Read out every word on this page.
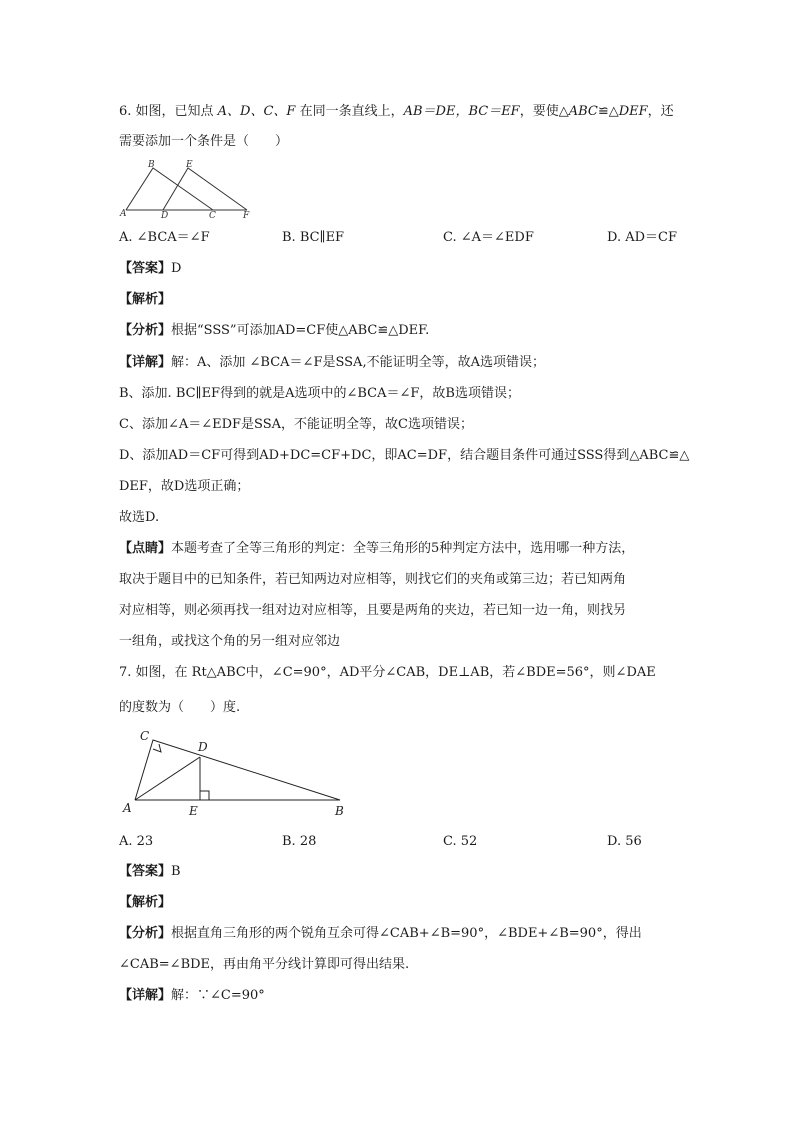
6. 如图，已知点 A、D、C、F 在同一条直线上，AB＝DE，BC＝EF，要使△ABC≌△DEF，还
需要添加一个条件是（　　）
B	E
A	D	C	F
A. ∠BCA＝∠F	B. BC∥EF	C. ∠A＝∠EDF	D. AD＝CF
【答案】D
【解析】
【分析】根据“SSS”可添加AD=CF使△ABC≌△DEF.
【详解】解：A、添加 ∠BCA＝∠F是SSA,不能证明全等，故A选项错误；
B、添加. BC∥EF得到的就是A选项中的∠BCA＝∠F，故B选项错误；
C、添加∠A＝∠EDF是SSA，不能证明全等，故C选项错误；
D、添加AD＝CF可得到AD+DC=CF+DC，即AC=DF，结合题目条件可通过SSS得到△ABC≌△
DEF，故D选项正确；
故选D.
【点睛】本题考查了全等三角形的判定：全等三角形的5种判定方法中，选用哪一种方法，
取决于题目中的已知条件，若已知两边对应相等，则找它们的夹角或第三边；若已知两角
对应相等，则必须再找一组对边对应相等，且要是两角的夹边，若已知一边一角，则找另
一组角，或找这个角的另一组对应邻边
7. 如图，在 Rt△ABC中，∠C=90°，AD平分∠CAB，DE⊥AB，若∠BDE=56°，则∠DAE
的度数为（　　）度.
C
D
A	E	B
A. 23	B. 28	C. 52	D. 56
【答案】B
【解析】
【分析】根据直角三角形的两个锐角互余可得∠CAB+∠B=90°，∠BDE+∠B=90°，得出
∠CAB=∠BDE，再由角平分线计算即可得出结果.
【详解】解：∵∠C=90°
